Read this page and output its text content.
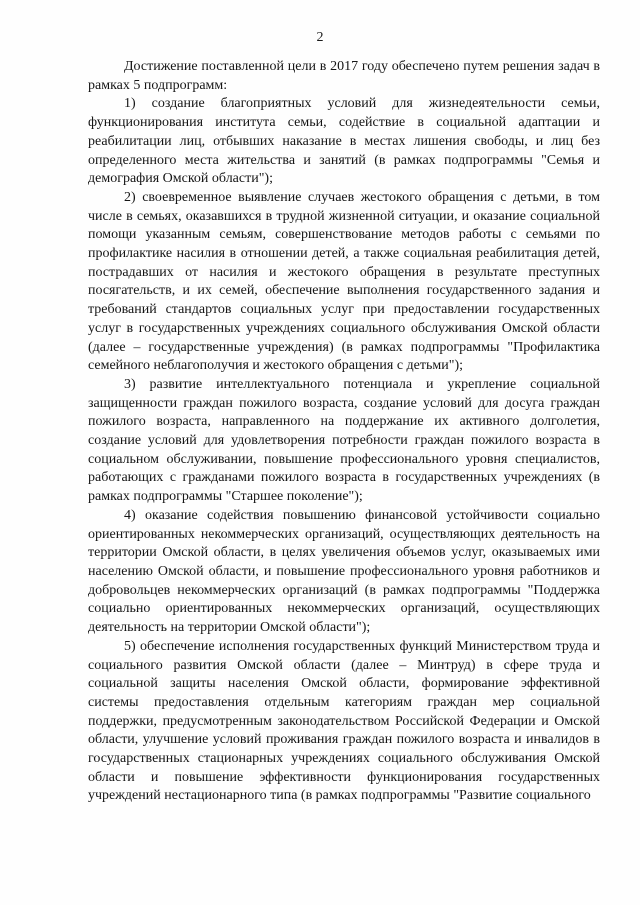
2

Достижение поставленной цели в 2017 году обеспечено путем решения задач в рамках 5 подпрограмм:

1) создание благоприятных условий для жизнедеятельности семьи, функционирования института семьи, содействие в социальной адаптации и реабилитации лиц, отбывших наказание в местах лишения свободы, и лиц без определенного места жительства и занятий (в рамках подпрограммы "Семья и демография Омской области");

2) своевременное выявление случаев жестокого обращения с детьми, в том числе в семьях, оказавшихся в трудной жизненной ситуации, и оказание социальной помощи указанным семьям, совершенствование методов работы с семьями по профилактике насилия в отношении детей, а также социальная реабилитация детей, пострадавших от насилия и жестокого обращения в результате преступных посягательств, и их семей, обеспечение выполнения государственного задания и требований стандартов социальных услуг при предоставлении государственных услуг в государственных учреждениях социального обслуживания Омской области (далее – государственные учреждения) (в рамках подпрограммы "Профилактика семейного неблагополучия и жестокого обращения с детьми");

3) развитие интеллектуального потенциала и укрепление социальной защищенности граждан пожилого возраста, создание условий для досуга граждан пожилого возраста, направленного на поддержание их активного долголетия, создание условий для удовлетворения потребности граждан пожилого возраста в социальном обслуживании, повышение профессионального уровня специалистов, работающих с гражданами пожилого возраста в государственных учреждениях (в рамках подпрограммы "Старшее поколение");

4) оказание содействия повышению финансовой устойчивости социально ориентированных некоммерческих организаций, осуществляющих деятельность на территории Омской области, в целях увеличения объемов услуг, оказываемых ими населению Омской области, и повышение профессионального уровня работников и добровольцев некоммерческих организаций (в рамках подпрограммы "Поддержка социально ориентированных некоммерческих организаций, осуществляющих деятельность на территории Омской области");

5) обеспечение исполнения государственных функций Министерством труда и социального развития Омской области (далее – Минтруд) в сфере труда и социальной защиты населения Омской области, формирование эффективной системы предоставления отдельным категориям граждан мер социальной поддержки, предусмотренным законодательством Российской Федерации и Омской области, улучшение условий проживания граждан пожилого возраста и инвалидов в государственных стационарных учреждениях социального обслуживания Омской области и повышение эффективности функционирования государственных учреждений нестационарного типа (в рамках подпрограммы "Развитие социального
